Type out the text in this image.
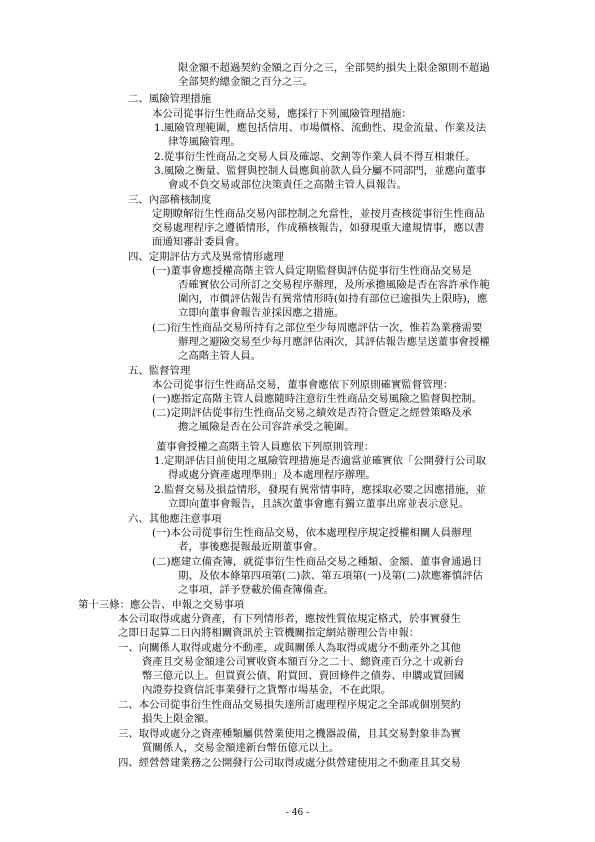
限金額不超過契約金額之百分之三，全部契約損失上限金額則不超過
全部契約總金額之百分之三。
二、風險管理措施
本公司從事衍生性商品交易，應採行下列風險管理措施：
1.風險管理範圍，應包括信用、市場價格、流動性、現金流量、作業及法
律等風險管理。
2.從事衍生性商品之交易人員及確認、交割等作業人員不得互相兼任。
3.風險之衡量、監督與控制人員應與前款人員分屬不同部門，並應向董事
會或不負交易或部位決策責任之高階主管人員報告。
三、內部稽核制度
定期瞭解衍生性商品交易內部控制之允當性，並按月查核從事衍生性商品
交易處理程序之遵循情形，作成稽核報告，如發現重大違規情事，應以書
面通知審計委員會。
四、定期評估方式及異常情形處理
(一)董事會應授權高階主管人員定期監督與評估從事衍生性商品交易是
否確實依公司所訂之交易程序辦理，及所承擔風險是否在容許承作範
圍內，市價評估報告有異常情形時(如持有部位已逾損失上限時)，應
立即向董事會報告並採因應之措施。
(二)衍生性商品交易所持有之部位至少每周應評估一次，惟若為業務需要
辦理之避險交易至少每月應評估兩次，其評估報告應呈送董事會授權
之高階主管人員。
五、監督管理
本公司從事衍生性商品交易，董事會應依下列原則確實監督管理：
(一)應指定高階主管人員應隨時注意衍生性商品交易風險之監督與控制。
(二)定期評估從事衍生性商品交易之績效是否符合暨定之經營策略及承
擔之風險是否在公司容許承受之範圍。
董事會授權之高階主管人員應依下列原則管理：
1.定期評估目前使用之風險管理措施是否適當並確實依「公開發行公司取
得或處分資產處理準則」及本處理程序辦理。
2.監督交易及損益情形，發現有異常情事時，應採取必要之因應措施，並
立即向董事會報告，且該次董事會應有獨立董事出席並表示意見。
六、其他應注意事項
(一)本公司從事衍生性商品交易，依本處理程序規定授權相關人員辦理
者，事後應提報最近期董事會。
(二)應建立備查簿，就從事衍生性商品交易之種類、金額、董事會通過日
期、及依本條第四項第(二)款、第五項第(一)及第(二)款應審慎評估
之事項，詳予登載於備查簿備查。
第十三條：應公告、申報之交易事項
本公司取得或處分資產，有下列情形者，應按性質依規定格式，於事實發生
之即日起算二日內將相關資訊於主管機關指定網站辦理公告申報：
一、向關係人取得或處分不動產，或與關係人為取得或處分不動產外之其他
資產且交易金額達公司實收資本額百分之二十、總資產百分之十或新台
幣三億元以上。但買賣公債、附買回、賣回條件之債券、申購或買回國
內證券投資信託事業發行之貨幣市場基金，不在此限。
二、本公司從事衍生性商品交易損失達所訂處理程序規定之全部或個別契約
損失上限金額。
三、取得或處分之資產種類屬供營業使用之機器設備，且其交易對象非為實
質關係人，交易金額達新台幣伍億元以上。
四、經營營建業務之公開發行公司取得或處分供營建使用之不動產且其交易
- 46 -
